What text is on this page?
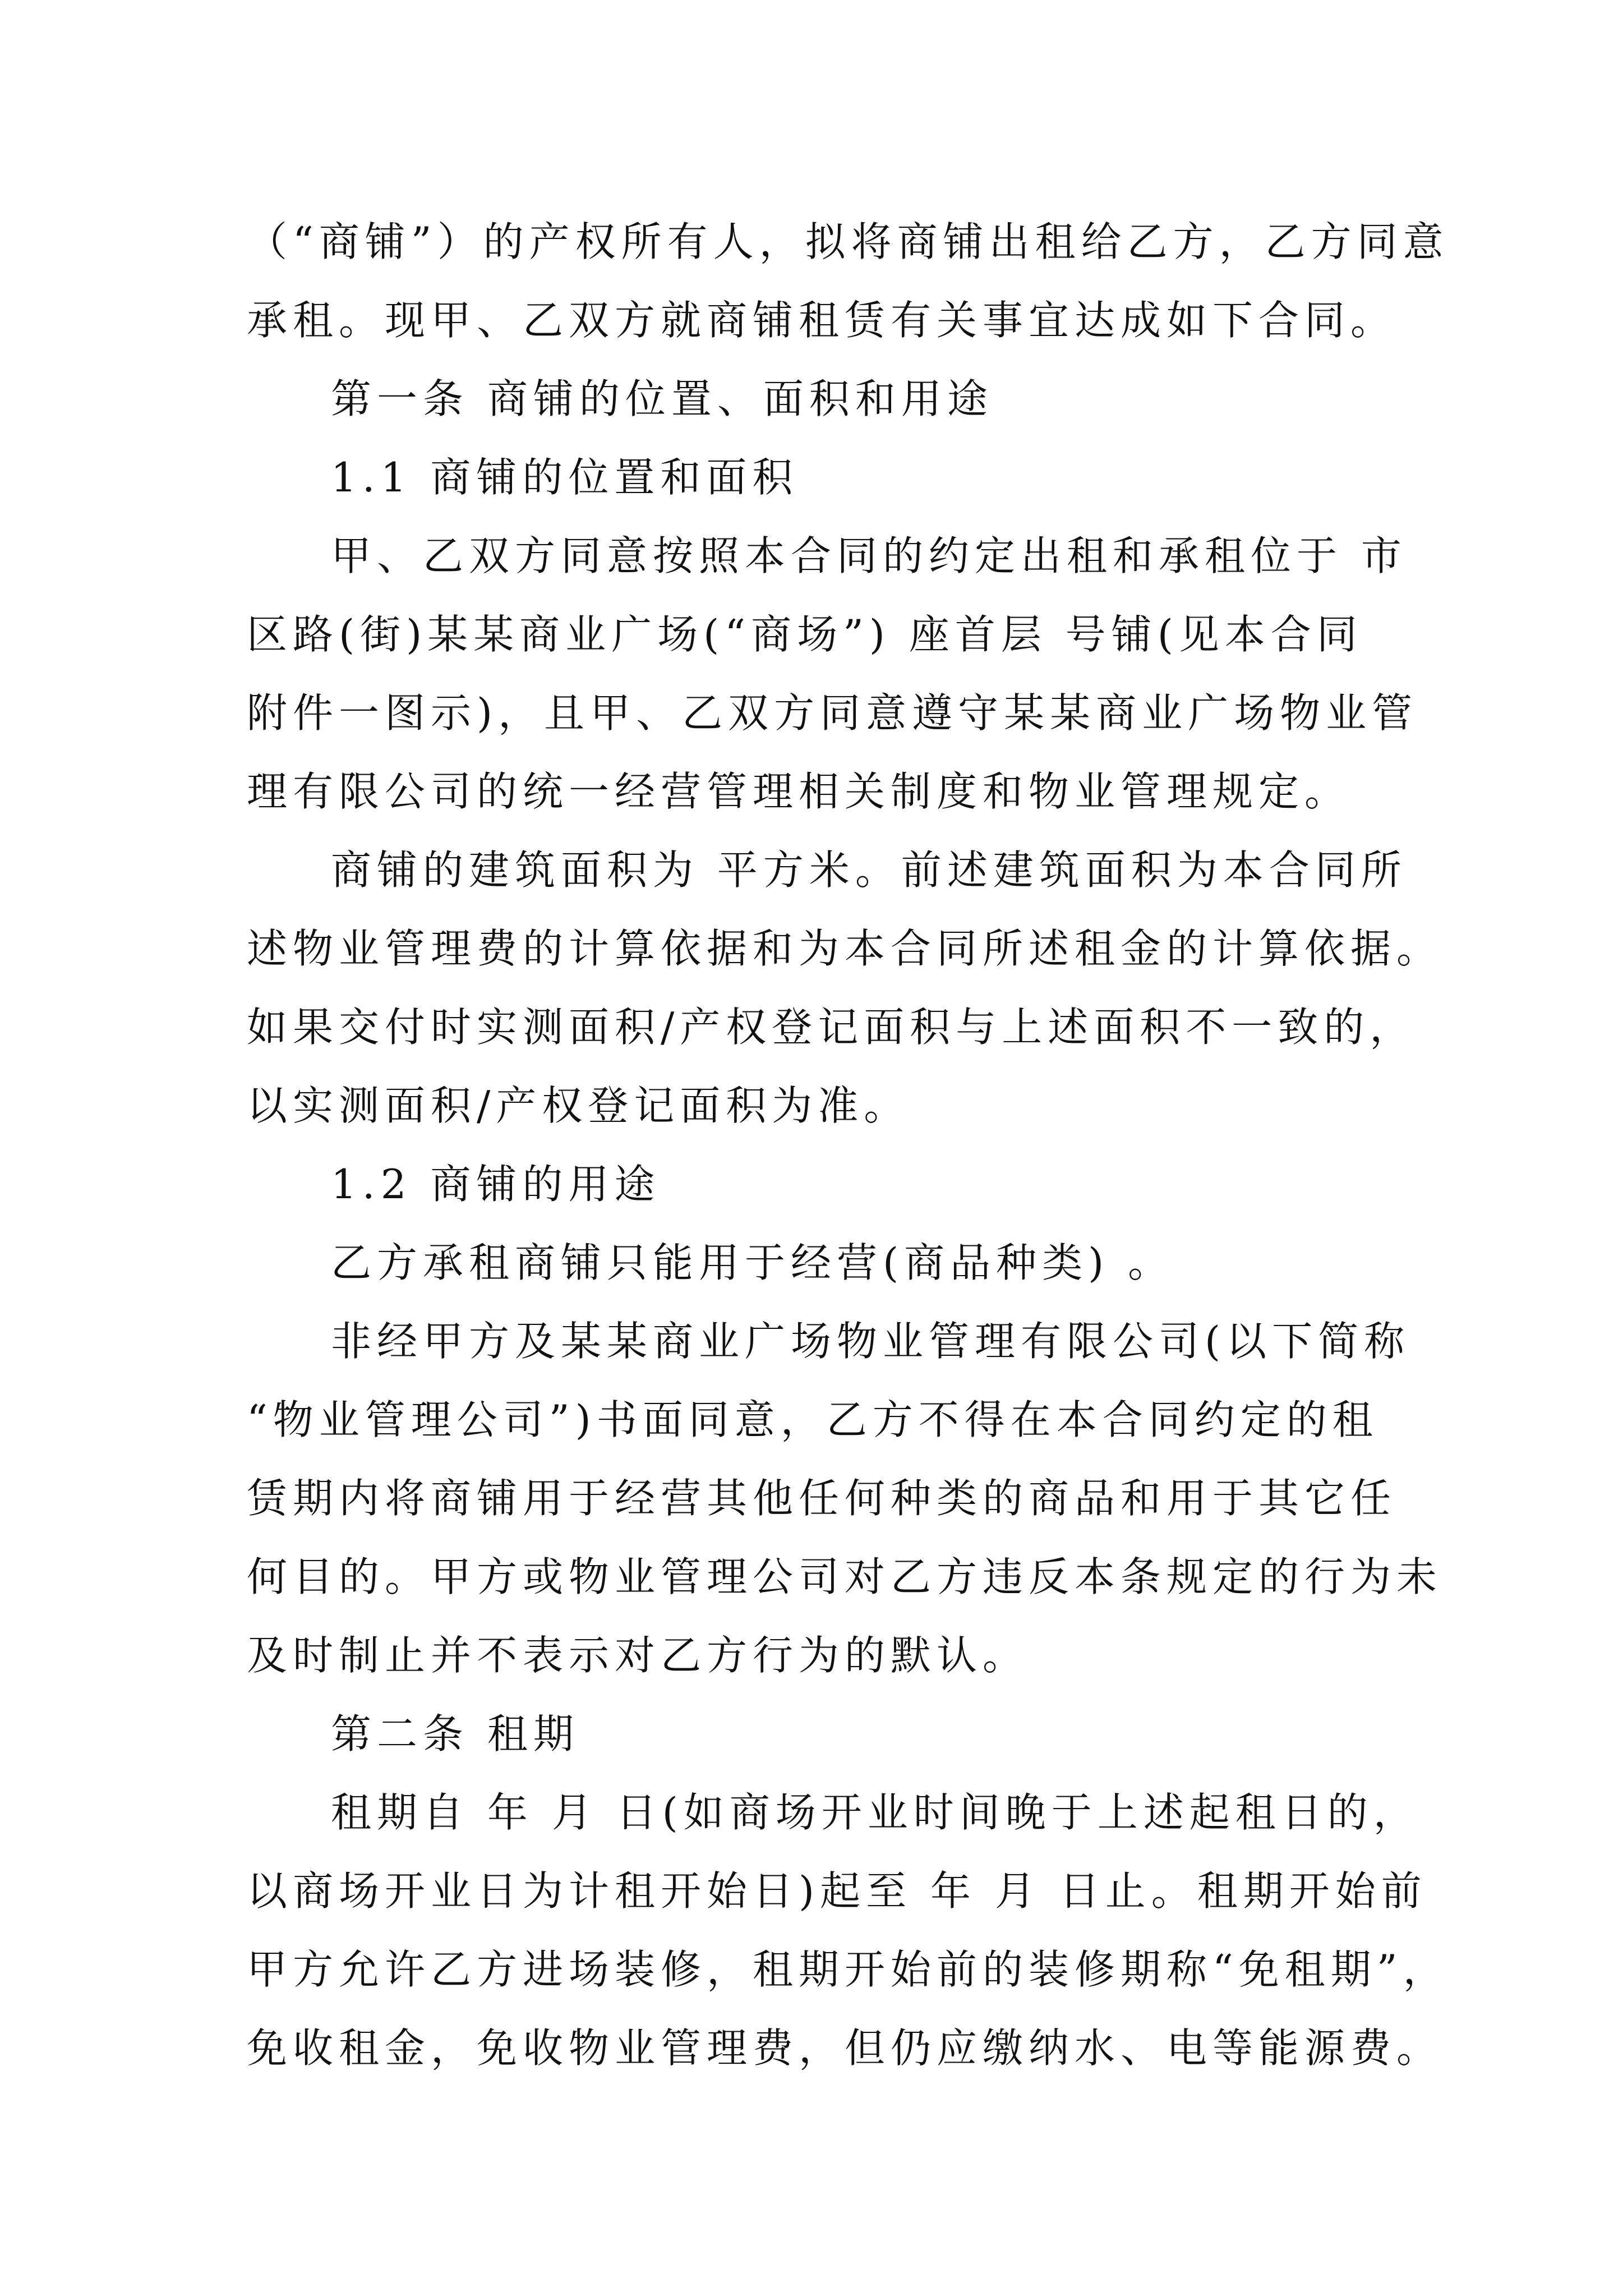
（“商铺”）的产权所有人，拟将商铺出租给乙方，乙方同意
承租。现甲、乙双方就商铺租赁有关事宜达成如下合同。
第一条 商铺的位置、面积和用途
1.1 商铺的位置和面积
甲、乙双方同意按照本合同的约定出租和承租位于 市
区路(街)某某商业广场(“商场”) 座首层 号铺(见本合同
附件一图示)，且甲、乙双方同意遵守某某商业广场物业管
理有限公司的统一经营管理相关制度和物业管理规定。
商铺的建筑面积为 平方米。前述建筑面积为本合同所
述物业管理费的计算依据和为本合同所述租金的计算依据。
如果交付时实测面积/产权登记面积与上述面积不一致的，
以实测面积/产权登记面积为准。
1.2 商铺的用途
乙方承租商铺只能用于经营(商品种类) 。
非经甲方及某某商业广场物业管理有限公司(以下简称
“物业管理公司”)书面同意，乙方不得在本合同约定的租
赁期内将商铺用于经营其他任何种类的商品和用于其它任
何目的。甲方或物业管理公司对乙方违反本条规定的行为未
及时制止并不表示对乙方行为的默认。
第二条 租期
租期自 年 月 日(如商场开业时间晚于上述起租日的，
以商场开业日为计租开始日)起至 年 月 日止。租期开始前
甲方允许乙方进场装修，租期开始前的装修期称“免租期”，
免收租金，免收物业管理费，但仍应缴纳水、电等能源费。
